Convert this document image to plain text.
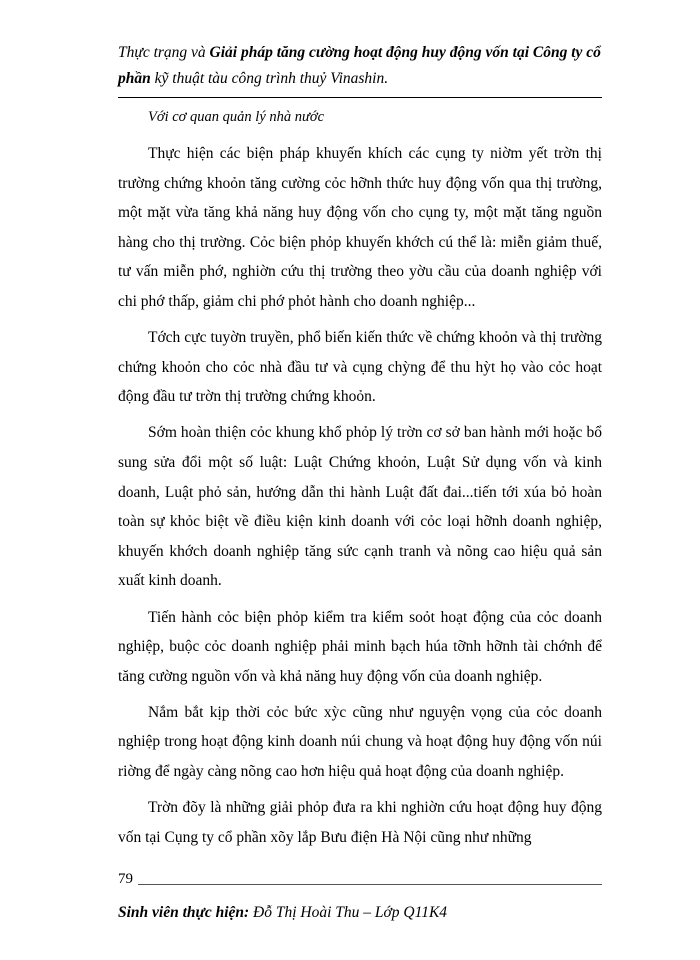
Thực trạng và Giải pháp tăng cường hoạt động huy động vốn tại Công ty cổ phần kỹ thuật tàu công trình thuỷ Vinashin.

Với cơ quan quản lý nhà nước

Thực hiện các biện pháp khuyến khích các cụng ty niờm yết trờn thị trường chứng khoỏn tăng cường cỏc hỡnh thức huy động vốn qua thị trường, một mặt vừa tăng khả năng huy động vốn cho cụng ty, một mặt tăng nguồn hàng cho thị trường. Cỏc biện phỏp khuyến khớch cú thể là: miễn giảm thuế, tư vấn miễn phớ, nghiờn cứu thị trường theo yờu cầu của doanh nghiệp với chi phớ thấp, giảm chi phớ phỏt hành cho doanh nghiệp...

Tớch cực tuyờn truyền, phổ biến kiến thức về chứng khoỏn và thị trường chứng khoỏn cho cỏc nhà đầu tư và cụng chỳng để thu hỳt họ vào cỏc hoạt động đầu tư trờn thị trường chứng khoỏn.

Sớm hoàn thiện cỏc khung khổ phỏp lý trờn cơ sở ban hành mới hoặc bổ sung sửa đổi một số luật: Luật Chứng khoỏn, Luật Sử dụng vốn và kinh doanh, Luật phỏ sản, hướng dẫn thi hành Luật đất đai...tiến tới xúa bỏ hoàn toàn sự khỏc biệt về điều kiện kinh doanh với cỏc loại hỡnh doanh nghiệp, khuyến khớch doanh nghiệp tăng sức cạnh tranh và nõng cao hiệu quả sản xuất kinh doanh.

Tiến hành cỏc biện phỏp kiểm tra kiểm soỏt hoạt động của cỏc doanh nghiệp, buộc cỏc doanh nghiệp phải minh bạch húa tỡnh hỡnh tài chớnh để tăng cường nguồn vốn và khả năng huy động vốn của doanh nghiệp.

Nắm bắt kịp thời cỏc bức xỳc cũng như nguyện vọng của cỏc doanh nghiệp trong hoạt động kinh doanh núi chung và hoạt động huy động vốn núi riờng để ngày càng nõng cao hơn hiệu quả hoạt động của doanh nghiệp.

Trờn đõy là những giải phỏp đưa ra khi nghiờn cứu hoạt động huy động vốn tại Cụng ty cổ phần xõy lắp Bưu điện Hà Nội cũng như những

79
Sinh viên thực hiện: Đỗ Thị Hoài Thu – Lớp Q11K4
